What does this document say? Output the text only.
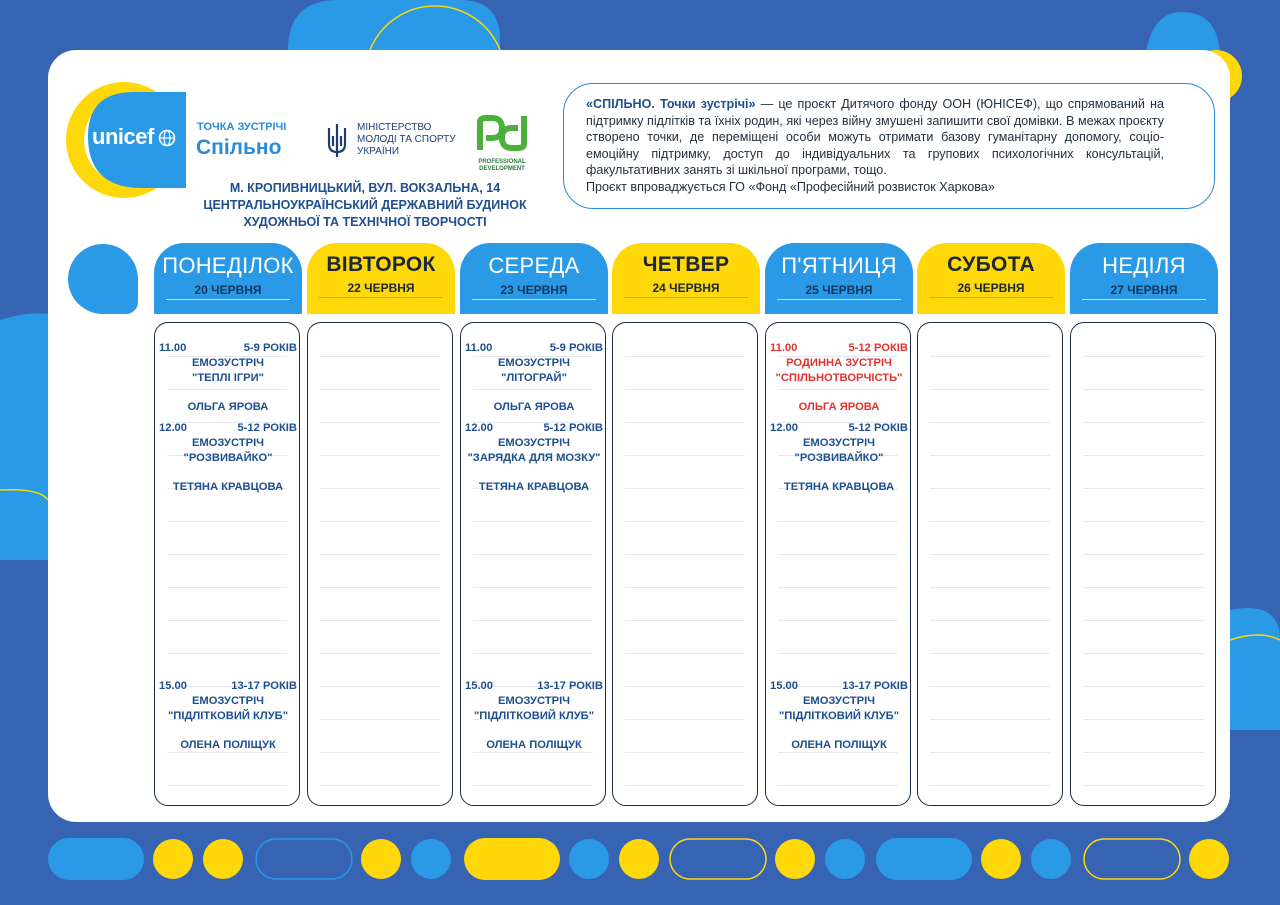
unicef	ТОЧКА ЗУСТРІЧІ
Спільно
МІНІСТЕРСТВО
МОЛОДІ ТА СПОРТУ
УКРАЇНИ
PROFESSIONAL
DEVELOPMENT
М. КРОПИВНИЦЬКИЙ, ВУЛ. ВОКЗАЛЬНА, 14
ЦЕНТРАЛЬНОУКРАЇНСЬКИЙ ДЕРЖАВНИЙ БУДИНОК
ХУДОЖНЬОЇ ТА ТЕХНІЧНОЇ ТВОРЧОСТІ

«СПІЛЬНО. Точки зустрічі» — це проєкт Дитячого фонду ООН (ЮНІСЕФ), що спрямований на підтримку підлітків та їхніх родин, які через війну змушені запишити свої домівки. В межах проєкту створено точки, де переміщені особи можуть отримати базову гуманітарну допомогу, соціо-емоційну підтримку, доступ до індивідуальних та групових психологічних консультацій, факультативних занять зі шкільної програми, тощо.

Проєкт впроваджується ГО «Фонд «Професійний розвисток Харкова»

ПОНЕДІЛОК
20 ЧЕРВНЯ
11.00	5-9 РОКІВ
ЕМОЗУСТРІЧ
"ТЕПЛІ ІГРИ"
ОЛЬГА ЯРОВА
12.00	5-12 РОКІВ
ЕМОЗУСТРІЧ
"РОЗВИВАЙКО"
ТЕТЯНА КРАВЦОВА
15.00	13-17 РОКІВ
ЕМОЗУСТРІЧ
"ПІДЛІТКОВИЙ КЛУБ"
ОЛЕНА ПОЛІЩУК
ВІВТОРОК
22 ЧЕРВНЯ
СЕРЕДА
23 ЧЕРВНЯ
11.00	5-9 РОКІВ
ЕМОЗУСТРІЧ
"ЛІТОГРАЙ"
ОЛЬГА ЯРОВА
12.00	5-12 РОКІВ
ЕМОЗУСТРІЧ
"ЗАРЯДКА ДЛЯ МОЗКУ"
ТЕТЯНА КРАВЦОВА
15.00	13-17 РОКІВ
ЕМОЗУСТРІЧ
"ПІДЛІТКОВИЙ КЛУБ"
ОЛЕНА ПОЛІЩУК
ЧЕТВЕР
24 ЧЕРВНЯ
П'ЯТНИЦЯ
25 ЧЕРВНЯ
11.00	5-12 РОКІВ
РОДИННА ЗУСТРІЧ
"СПІЛЬНОТВОРЧІСТЬ"
ОЛЬГА ЯРОВА
12.00	5-12 РОКІВ
ЕМОЗУСТРІЧ
"РОЗВИВАЙКО"
ТЕТЯНА КРАВЦОВА
15.00	13-17 РОКІВ
ЕМОЗУСТРІЧ
"ПІДЛІТКОВИЙ КЛУБ"
ОЛЕНА ПОЛІЩУК
СУБОТА
26 ЧЕРВНЯ
НЕДІЛЯ
27 ЧЕРВНЯ
